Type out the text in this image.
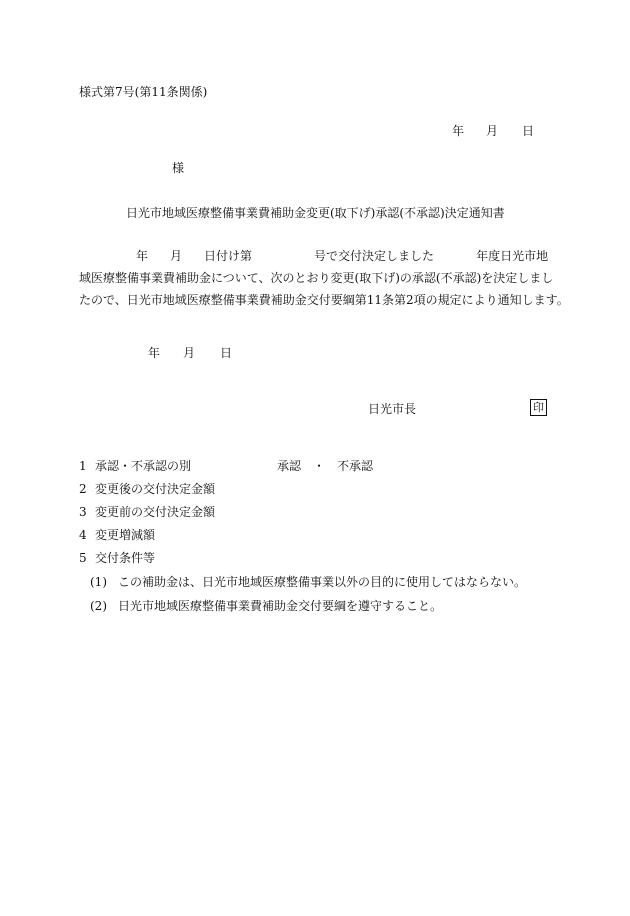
様式第7号(第11条関係)
年 月 日
様
日光市地域医療整備事業費補助金変更(取下げ)承認(不承認)決定通知書
年 月 日付け第	号で交付決定しました	年度日光市地
域医療整備事業費補助金について、次のとおり変更(取下げ)の承認(不承認)を決定しまし
たので、日光市地域医療整備事業費補助金交付要綱第11条第2項の規定により通知します。
年 月 日
日光市長	印
1 承認・不承認の別	承認 ・ 不承認
2 変更後の交付決定金額
3 変更前の交付決定金額
4 変更増減額
5 交付条件等
(1) この補助金は、日光市地域医療整備事業以外の目的に使用してはならない。
(2) 日光市地域医療整備事業費補助金交付要綱を遵守すること。
